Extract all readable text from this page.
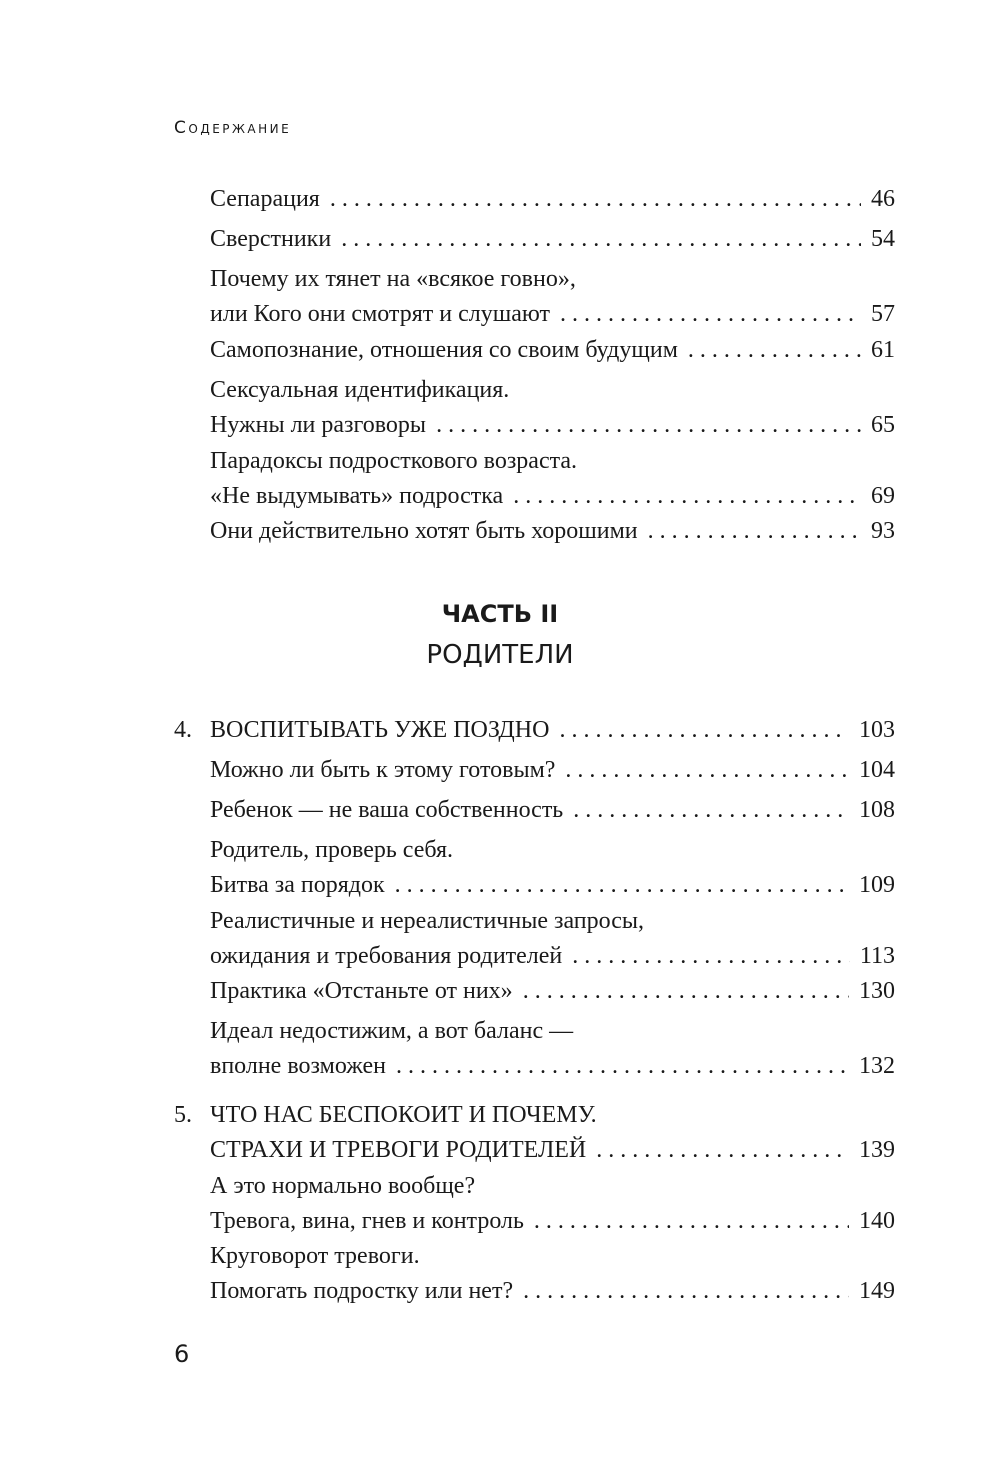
Содержание
Сепарация . . .	46
Сверстники . . .	54
Почему их тянет на «всякое говно»,
или Кого они смотрят и слушают . . .	57
Самопознание, отношения со своим будущим . . .	61
Сексуальная идентификация.
Нужны ли разговоры . . .	65
Парадоксы подросткового возраста.
«Не выдумывать» подростка . . .	69
Они действительно хотят быть хорошими . . .	93
ЧАСТЬ II
РОДИТЕЛИ
4. ВОСПИТЫВАТЬ УЖЕ ПОЗДНО . . .	103
Можно ли быть к этому готовым? . . .	104
Ребенок — не ваша собственность . . .	108
Родитель, проверь себя.
Битва за порядок . . .	109
Реалистичные и нереалистичные запросы,
ожидания и требования родителей . . .	113
Практика «Отстаньте от них» . . .	130
Идеал недостижим, а вот баланс —
вполне возможен . . .	132
5. ЧТО НАС БЕСПОКОИТ И ПОЧЕМУ.
СТРАХИ И ТРЕВОГИ РОДИТЕЛЕЙ . . .	139
А это нормально вообще?
Тревога, вина, гнев и контроль . . .	140
Круговорот тревоги.
Помогать подростку или нет? . . .	149
6
